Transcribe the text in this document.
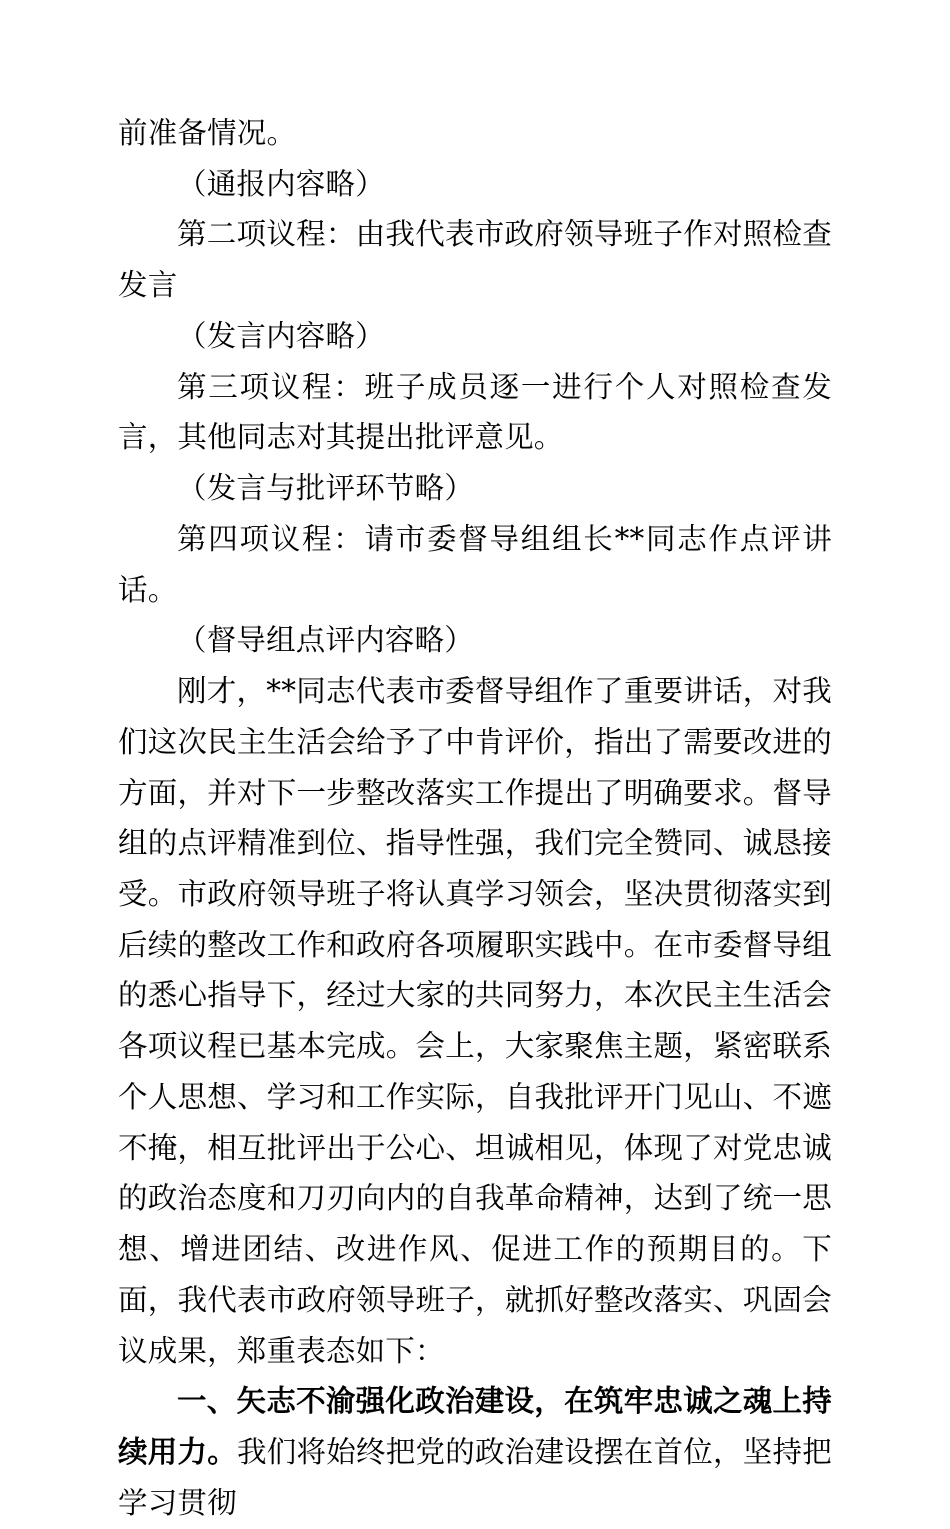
前准备情况。

（通报内容略）

第二项议程：由我代表市政府领导班子作对照检查发言

（发言内容略）

第三项议程：班子成员逐一进行个人对照检查发言，其他同志对其提出批评意见。

（发言与批评环节略）

第四项议程：请市委督导组组长**同志作点评讲话。

（督导组点评内容略）

刚才，**同志代表市委督导组作了重要讲话，对我们这次民主生活会给予了中肯评价，指出了需要改进的方面，并对下一步整改落实工作提出了明确要求。督导组的点评精准到位、指导性强，我们完全赞同、诚恳接受。市政府领导班子将认真学习领会，坚决贯彻落实到后续的整改工作和政府各项履职实践中。在市委督导组的悉心指导下，经过大家的共同努力，本次民主生活会各项议程已基本完成。会上，大家聚焦主题，紧密联系个人思想、学习和工作实际，自我批评开门见山、不遮不掩，相互批评出于公心、坦诚相见，体现了对党忠诚的政治态度和刀刃向内的自我革命精神，达到了统一思想、增进团结、改进作风、促进工作的预期目的。下面，我代表市政府领导班子，就抓好整改落实、巩固会议成果，郑重表态如下：

一、矢志不渝强化政治建设，在筑牢忠诚之魂上持续用力。我们将始终把党的政治建设摆在首位，坚持把学习贯彻
